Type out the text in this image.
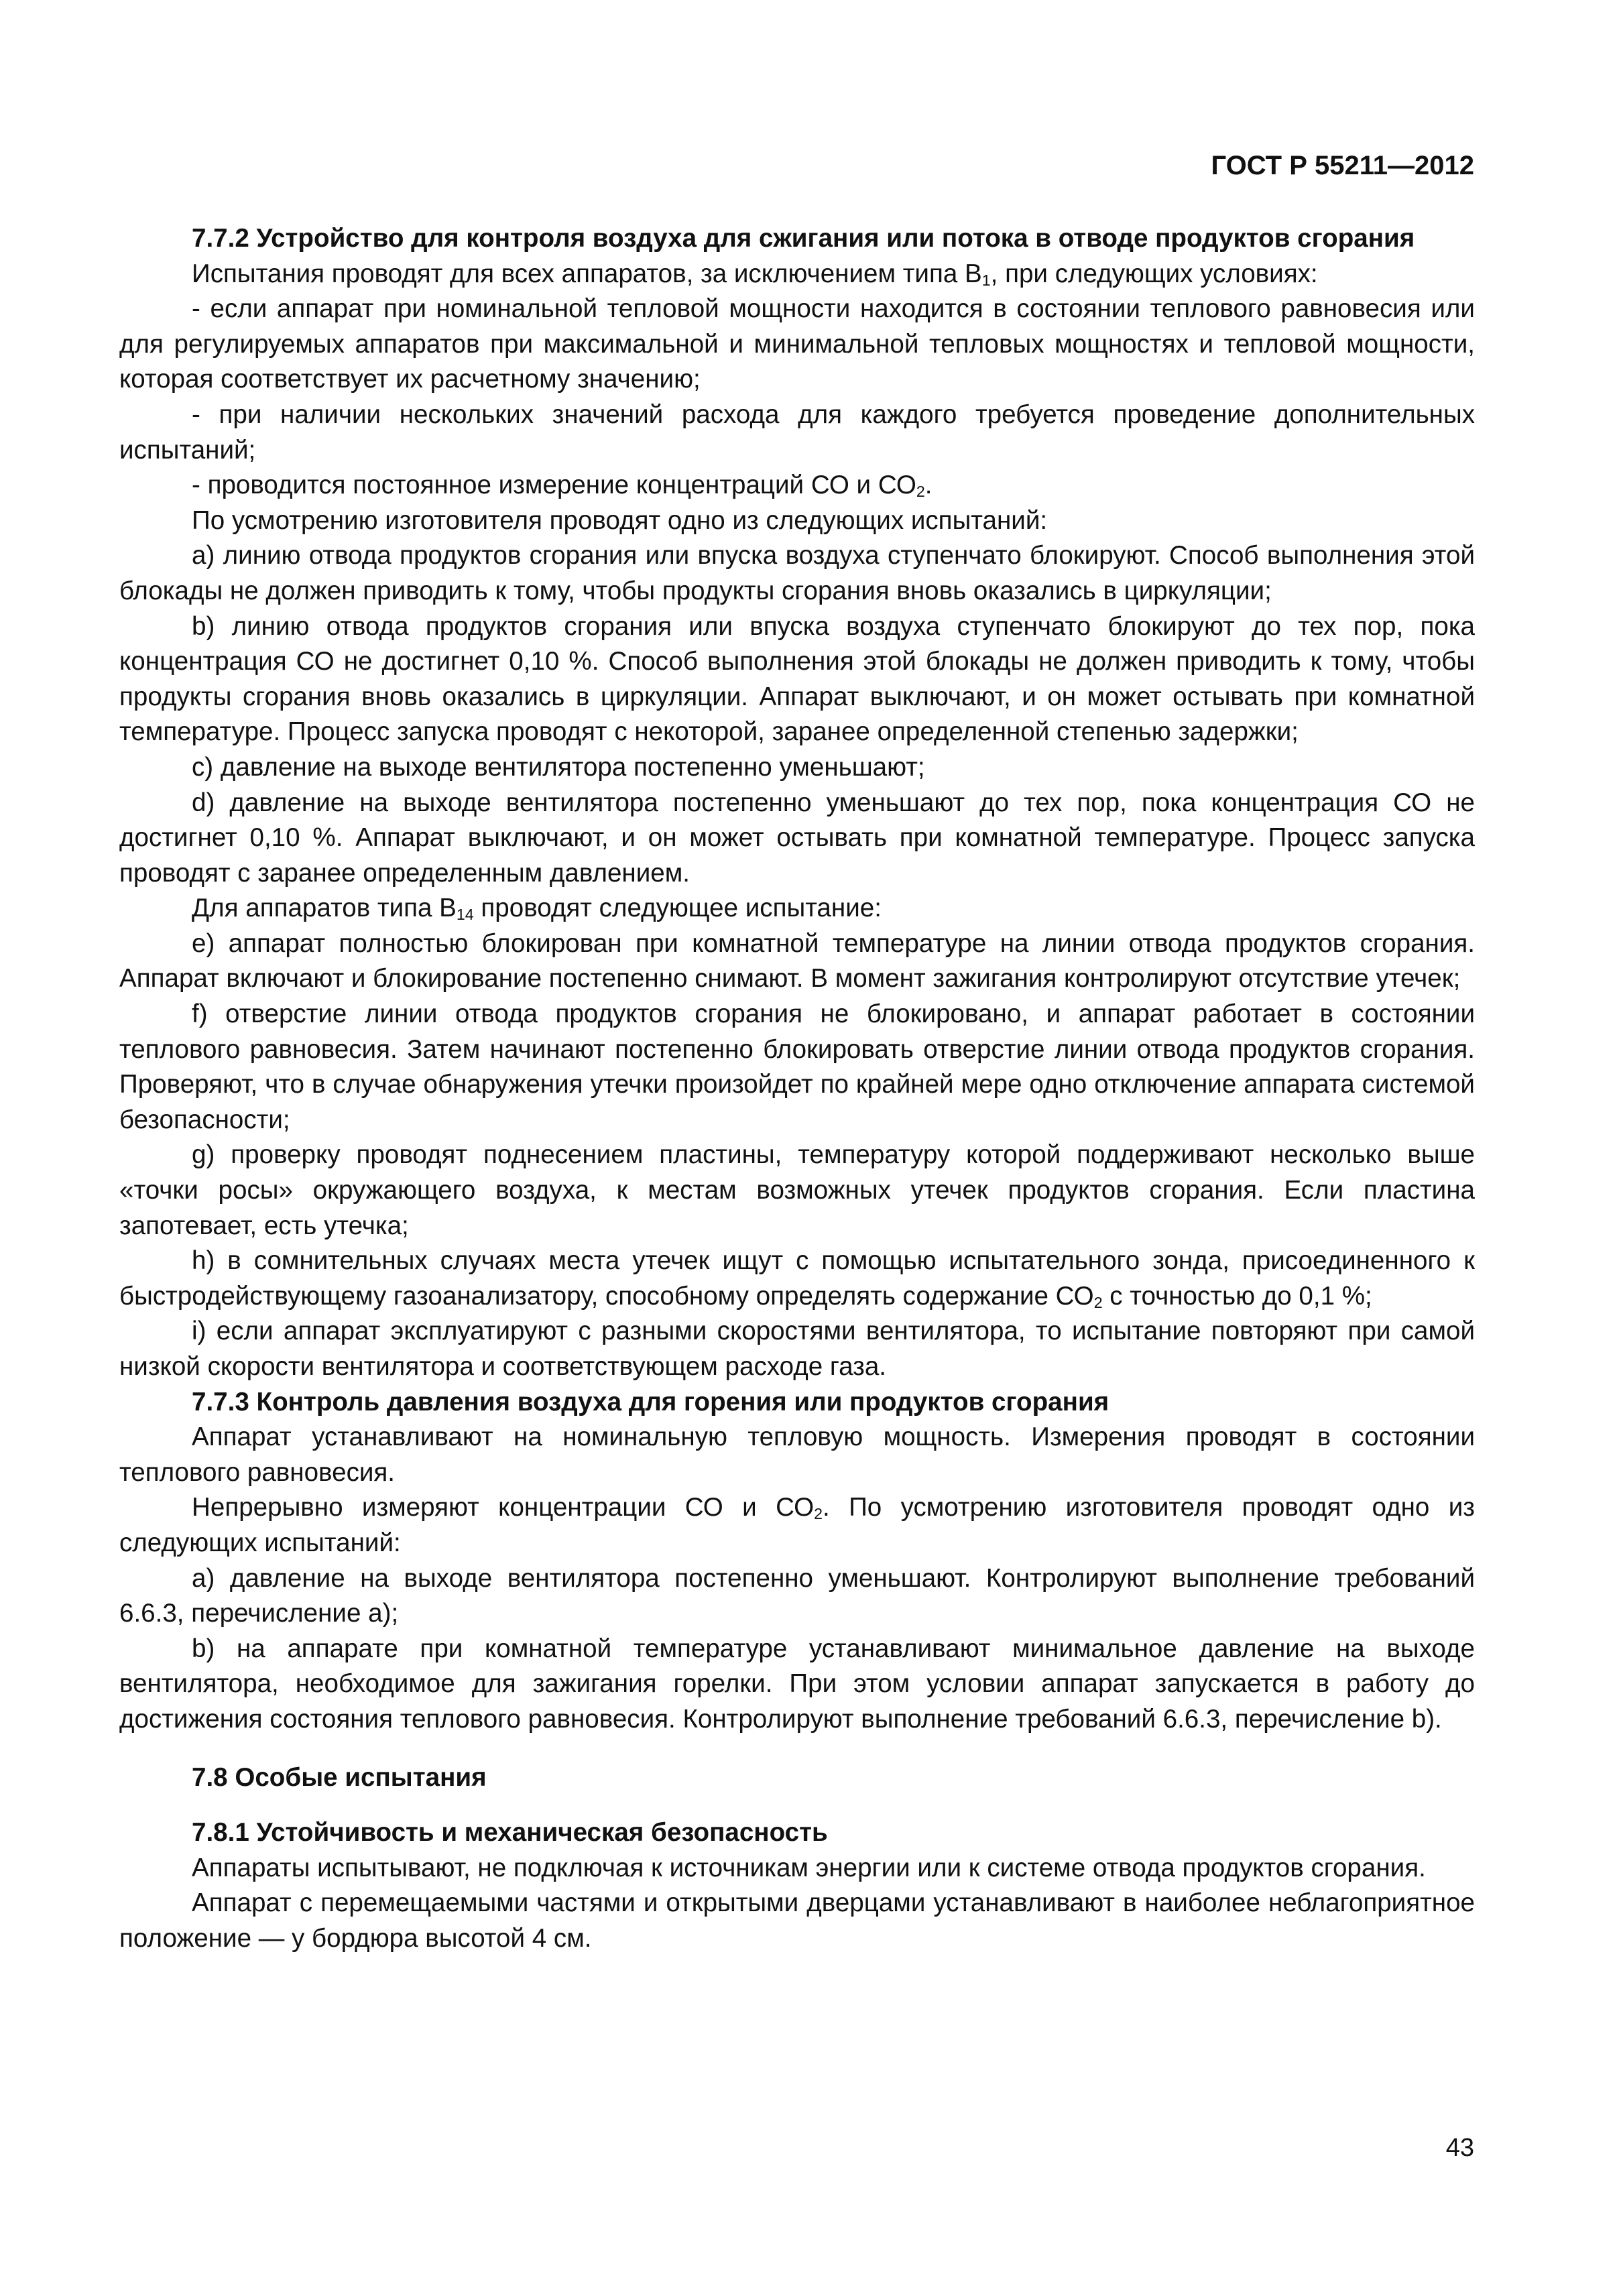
ГОСТ Р 55211—2012

7.7.2 Устройство для контроля воздуха для сжигания или потока в отводе продуктов сгорания

Испытания проводят для всех аппаратов, за исключением типа $В_1$, при следующих условиях:

- если аппарат при номинальной тепловой мощности находится в состоянии теплового равновесия или для регулируемых аппаратов при максимальной и минимальной тепловых мощностях и тепловой мощности, которая соответствует их расчетному значению;

- при наличии нескольких значений расхода для каждого требуется проведение дополнительных испытаний;

- проводится постоянное измерение концентраций СО и $СО_2$.

По усмотрению изготовителя проводят одно из следующих испытаний:

а) линию отвода продуктов сгорания или впуска воздуха ступенчато блокируют. Способ выполнения этой блокады не должен приводить к тому, чтобы продукты сгорания вновь оказались в циркуляции;

b) линию отвода продуктов сгорания или впуска воздуха ступенчато блокируют до тех пор, пока концентрация СО не достигнет 0,10 %. Способ выполнения этой блокады не должен приводить к тому, чтобы продукты сгорания вновь оказались в циркуляции. Аппарат выключают, и он может остывать при комнатной температуре. Процесс запуска проводят с некоторой, заранее определенной степенью задержки;

c) давление на выходе вентилятора постепенно уменьшают;

d) давление на выходе вентилятора постепенно уменьшают до тех пор, пока концентрация СО не достигнет 0,10 %. Аппарат выключают, и он может остывать при комнатной температуре. Процесс запуска проводят с заранее определенным давлением.

Для аппаратов типа $В_{14}$ проводят следующее испытание:

e) аппарат полностью блокирован при комнатной температуре на линии отвода продуктов сгорания. Аппарат включают и блокирование постепенно снимают. В момент зажигания контролируют отсутствие утечек;

f) отверстие линии отвода продуктов сгорания не блокировано, и аппарат работает в состоянии теплового равновесия. Затем начинают постепенно блокировать отверстие линии отвода продуктов сгорания. Проверяют, что в случае обнаружения утечки произойдет по крайней мере одно отключение аппарата системой безопасности;

g) проверку проводят поднесением пластины, температуру которой поддерживают несколько выше «точки росы» окружающего воздуха, к местам возможных утечек продуктов сгорания. Если пластина запотевает, есть утечка;

h) в сомнительных случаях места утечек ищут с помощью испытательного зонда, присоединенного к быстродействующему газоанализатору, способному определять содержание $СО_2$ с точностью до 0,1 %;

i) если аппарат эксплуатируют с разными скоростями вентилятора, то испытание повторяют при самой низкой скорости вентилятора и соответствующем расходе газа.

7.7.3 Контроль давления воздуха для горения или продуктов сгорания

Аппарат устанавливают на номинальную тепловую мощность. Измерения проводят в состоянии теплового равновесия.

Непрерывно измеряют концентрации СО и $СО_2$. По усмотрению изготовителя проводят одно из следующих испытаний:

а) давление на выходе вентилятора постепенно уменьшают. Контролируют выполнение требований 6.6.3, перечисление а);

b) на аппарате при комнатной температуре устанавливают минимальное давление на выходе вентилятора, необходимое для зажигания горелки. При этом условии аппарат запускается в работу до достижения состояния теплового равновесия. Контролируют выполнение требований 6.6.3, перечисление b).

7.8 Особые испытания

7.8.1 Устойчивость и механическая безопасность

Аппараты испытывают, не подключая к источникам энергии или к системе отвода продуктов сгорания.

Аппарат с перемещаемыми частями и открытыми дверцами устанавливают в наиболее неблагоприятное положение — у бордюра высотой 4 см.

43
